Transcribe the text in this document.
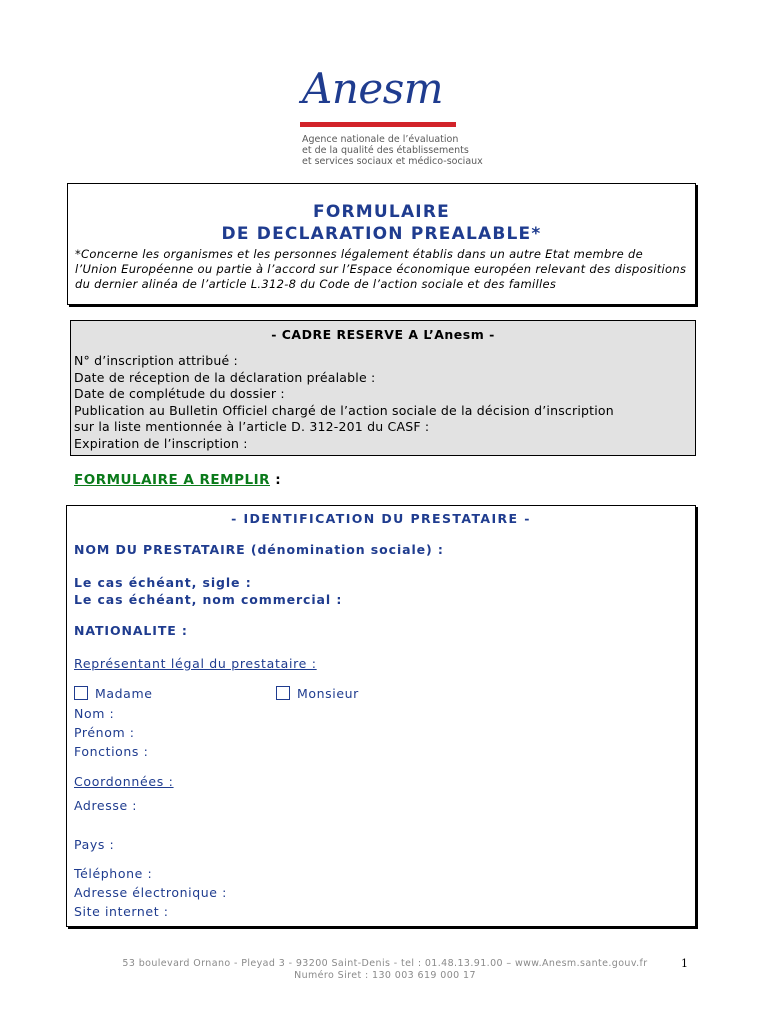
Anesm
Agence nationale de l’évaluation
et de la qualité des établissements
et services sociaux et médico-sociaux
FORMULAIRE
DE DECLARATION PREALABLE*
*Concerne les organismes et les personnes légalement établis dans un autre Etat membre de l’Union Européenne ou partie à l’accord sur l’Espace économique européen relevant des dispositions du dernier alinéa de l’article L.312-8 du Code de l’action sociale et des familles
- CADRE RESERVE A L’Anesm -
N° d’inscription attribué :
Date de réception de la déclaration préalable :
Date de complétude du dossier :
Publication au Bulletin Officiel chargé de l’action sociale de la décision d’inscription
sur la liste mentionnée à l’article D. 312-201 du CASF :
Expiration de l’inscription :
FORMULAIRE A REMPLIR :
- IDENTIFICATION DU PRESTATAIRE -
NOM DU PRESTATAIRE (dénomination sociale) :
Le cas échéant, sigle :
Le cas échéant, nom commercial :
NATIONALITE :
Représentant légal du prestataire :
Madame	Monsieur
Nom :
Prénom :
Fonctions :
Coordonnées :
Adresse :
Pays :
Téléphone :
Adresse électronique :
Site internet :
53 boulevard Ornano - Pleyad 3 - 93200 Saint-Denis - tel : 01.48.13.91.00 – www.Anesm.sante.gouv.fr
Numéro Siret : 130 003 619 000 17
1
